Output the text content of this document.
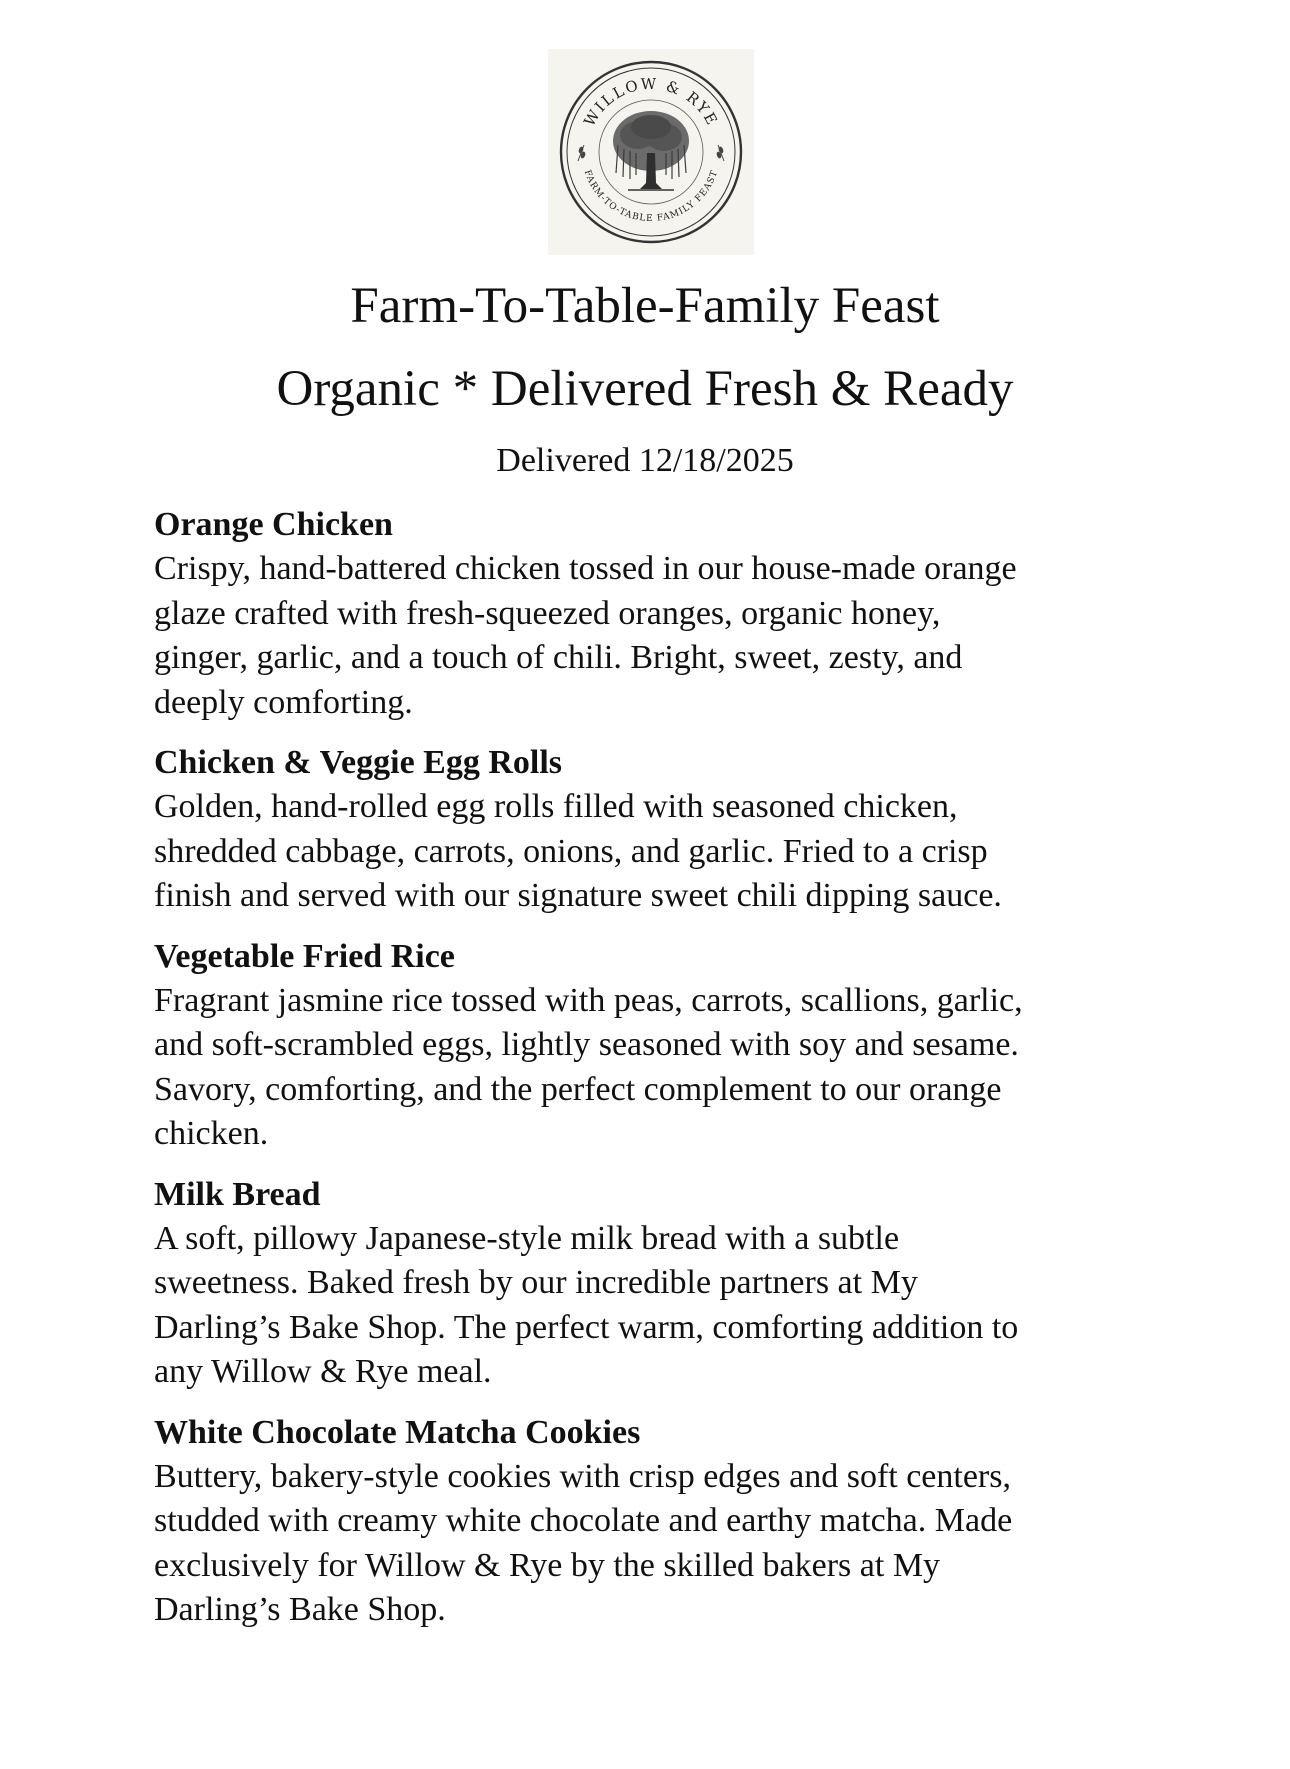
WILLOW & RYE
FARM-TO-TABLE FAMILY FEAST
Farm-To-Table-Family Feast
Organic * Delivered Fresh & Ready

Delivered 12/18/2025

Orange Chicken

Crispy, hand-battered chicken tossed in our house-made orange
glaze crafted with fresh-squeezed oranges, organic honey,
ginger, garlic, and a touch of chili. Bright, sweet, zesty, and
deeply comforting.

Chicken & Veggie Egg Rolls

Golden, hand-rolled egg rolls filled with seasoned chicken,
shredded cabbage, carrots, onions, and garlic. Fried to a crisp
finish and served with our signature sweet chili dipping sauce.

Vegetable Fried Rice

Fragrant jasmine rice tossed with peas, carrots, scallions, garlic,
and soft-scrambled eggs, lightly seasoned with soy and sesame.
Savory, comforting, and the perfect complement to our orange
chicken.

Milk Bread

A soft, pillowy Japanese-style milk bread with a subtle
sweetness. Baked fresh by our incredible partners at My
Darling’s Bake Shop. The perfect warm, comforting addition to
any Willow & Rye meal.

White Chocolate Matcha Cookies

Buttery, bakery-style cookies with crisp edges and soft centers,
studded with creamy white chocolate and earthy matcha. Made
exclusively for Willow & Rye by the skilled bakers at My
Darling’s Bake Shop.
